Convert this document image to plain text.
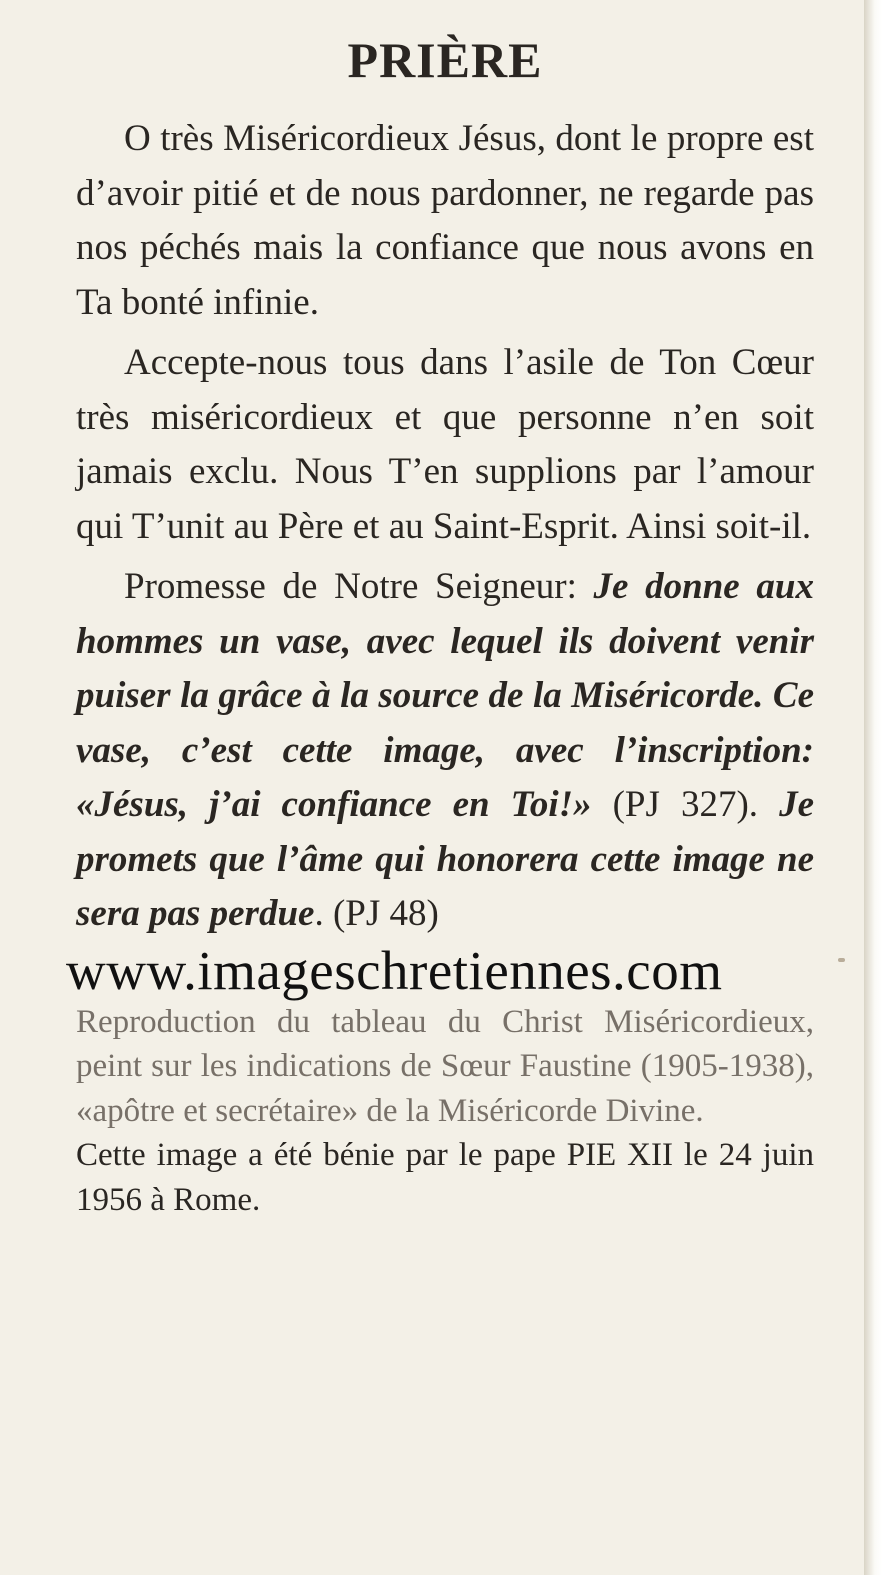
PRIÈRE

O très Miséricordieux Jésus, dont le propre est d’avoir pitié et de nous pardonner, ne regarde pas nos péchés mais la confiance que nous avons en Ta bonté infinie.

Accepte-nous tous dans l’asile de Ton Cœur très miséricordieux et que personne n’en soit jamais exclu. Nous T’en supplions par l’amour qui T’unit au Père et au Saint-Esprit. Ainsi soit-il.

Promesse de Notre Seigneur: Je donne aux hommes un vase, avec lequel ils doivent venir puiser la grâce à la source de la Miséricorde. Ce vase, c’est cette image, avec l’inscription: «Jésus, j’ai confiance en Toi!» (PJ 327). Je promets que l’âme qui honorera cette image ne sera pas perdue. (PJ 48)

www.imageschretiennes.com

Reproduction du tableau du Christ Miséricordieux, peint sur les indications de Sœur Faustine (1905-1938), «apôtre et secrétaire» de la Miséricorde Divine.

Cette image a été bénie par le pape PIE XII le 24 juin 1956 à Rome.
